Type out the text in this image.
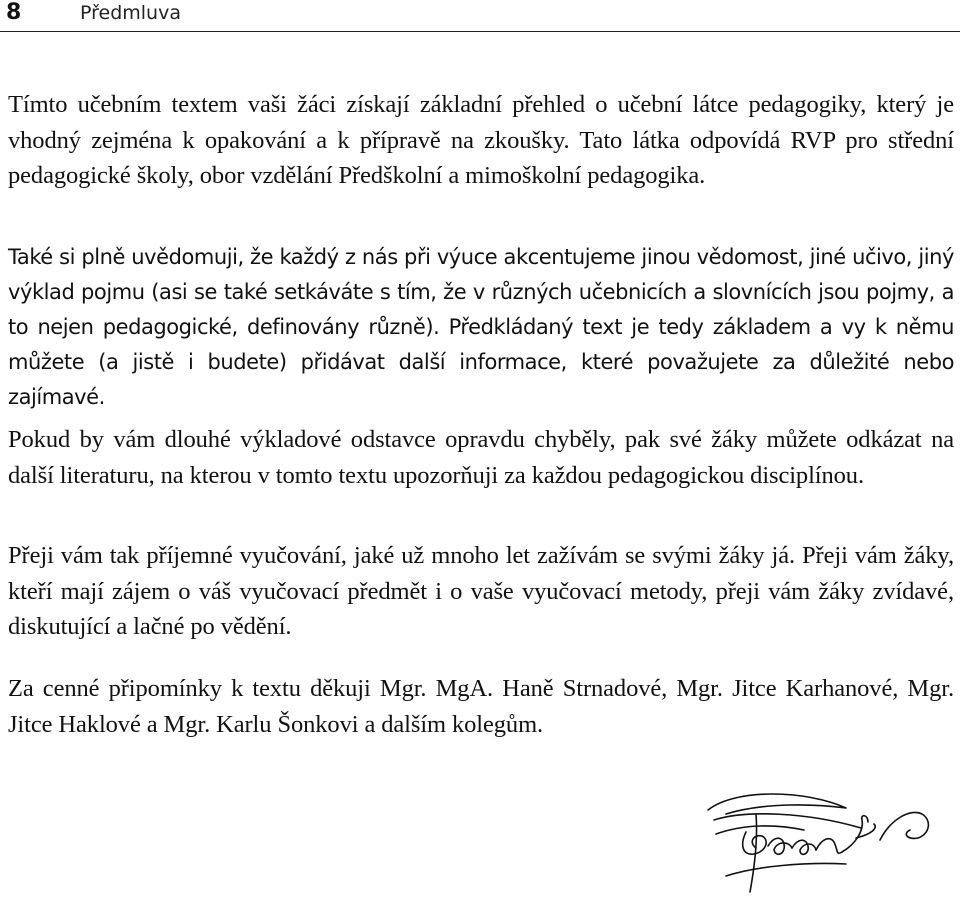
8	Předmluva

Tímto učebním textem vaši žáci získají základní přehled o učební látce pedagogiky, který je vhodný zejména k opakování a k přípravě na zkoušky. Tato látka odpovídá RVP pro střední pedagogické školy, obor vzdělání Předškolní a mimoškolní pedagogika.

Také si plně uvědomuji, že každý z nás při výuce akcentujeme jinou vědomost, jiné učivo, jiný výklad pojmu (asi se také setkáváte s tím, že v různých učebnicích a slovnících jsou pojmy, a to nejen pedagogické, definovány různě). Předkládaný text je tedy základem a vy k němu můžete (a jistě i budete) přidávat další informace, které považujete za důležité nebo zajímavé.

Pokud by vám dlouhé výkladové odstavce opravdu chyběly, pak své žáky můžete odkázat na další literaturu, na kterou v tomto textu upozorňuji za každou pedagogickou disciplínou.

Přeji vám tak příjemné vyučování, jaké už mnoho let zažívám se svými žáky já. Přeji vám žáky, kteří mají zájem o váš vyučovací předmět i o vaše vyučovací metody, přeji vám žáky zvídavé, diskutující a lačné po vědění.

Za cenné připomínky k textu děkuji Mgr. MgA. Haně Strnadové, Mgr. Jitce Karhanové, Mgr. Jitce Haklové a Mgr. Karlu Šonkovi a dalším kolegům.
